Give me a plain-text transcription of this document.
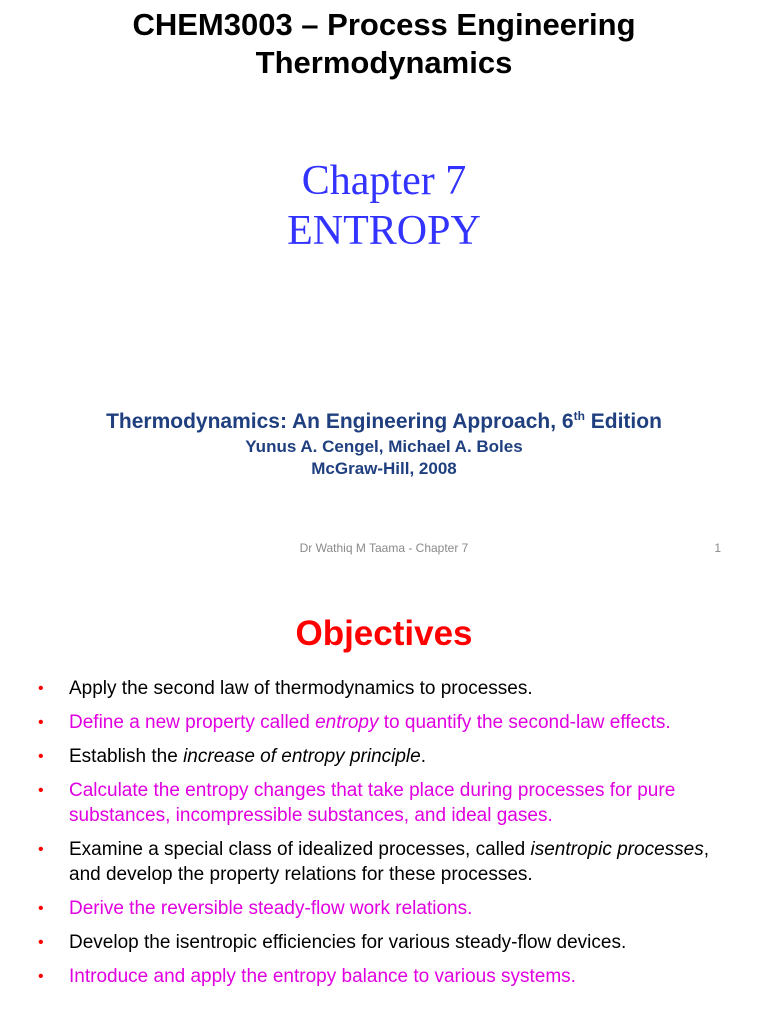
CHEM3003 – Process Engineering
Thermodynamics
Chapter 7
ENTROPY
Thermodynamics: An Engineering Approach, 6th Edition
Yunus A. Cengel, Michael A. Boles
McGraw-Hill, 2008
Dr Wathiq M Taama - Chapter 7	1
Objectives
• Apply the second law of thermodynamics to processes.
• Define a new property called entropy to quantify the second-law effects.
• Establish the increase of entropy principle.
• Calculate the entropy changes that take place during processes for pure substances, incompressible substances, and ideal gases.
• Examine a special class of idealized processes, called isentropic processes, and develop the property relations for these processes.
• Derive the reversible steady-flow work relations.
• Develop the isentropic efficiencies for various steady-flow devices.
• Introduce and apply the entropy balance to various systems.
